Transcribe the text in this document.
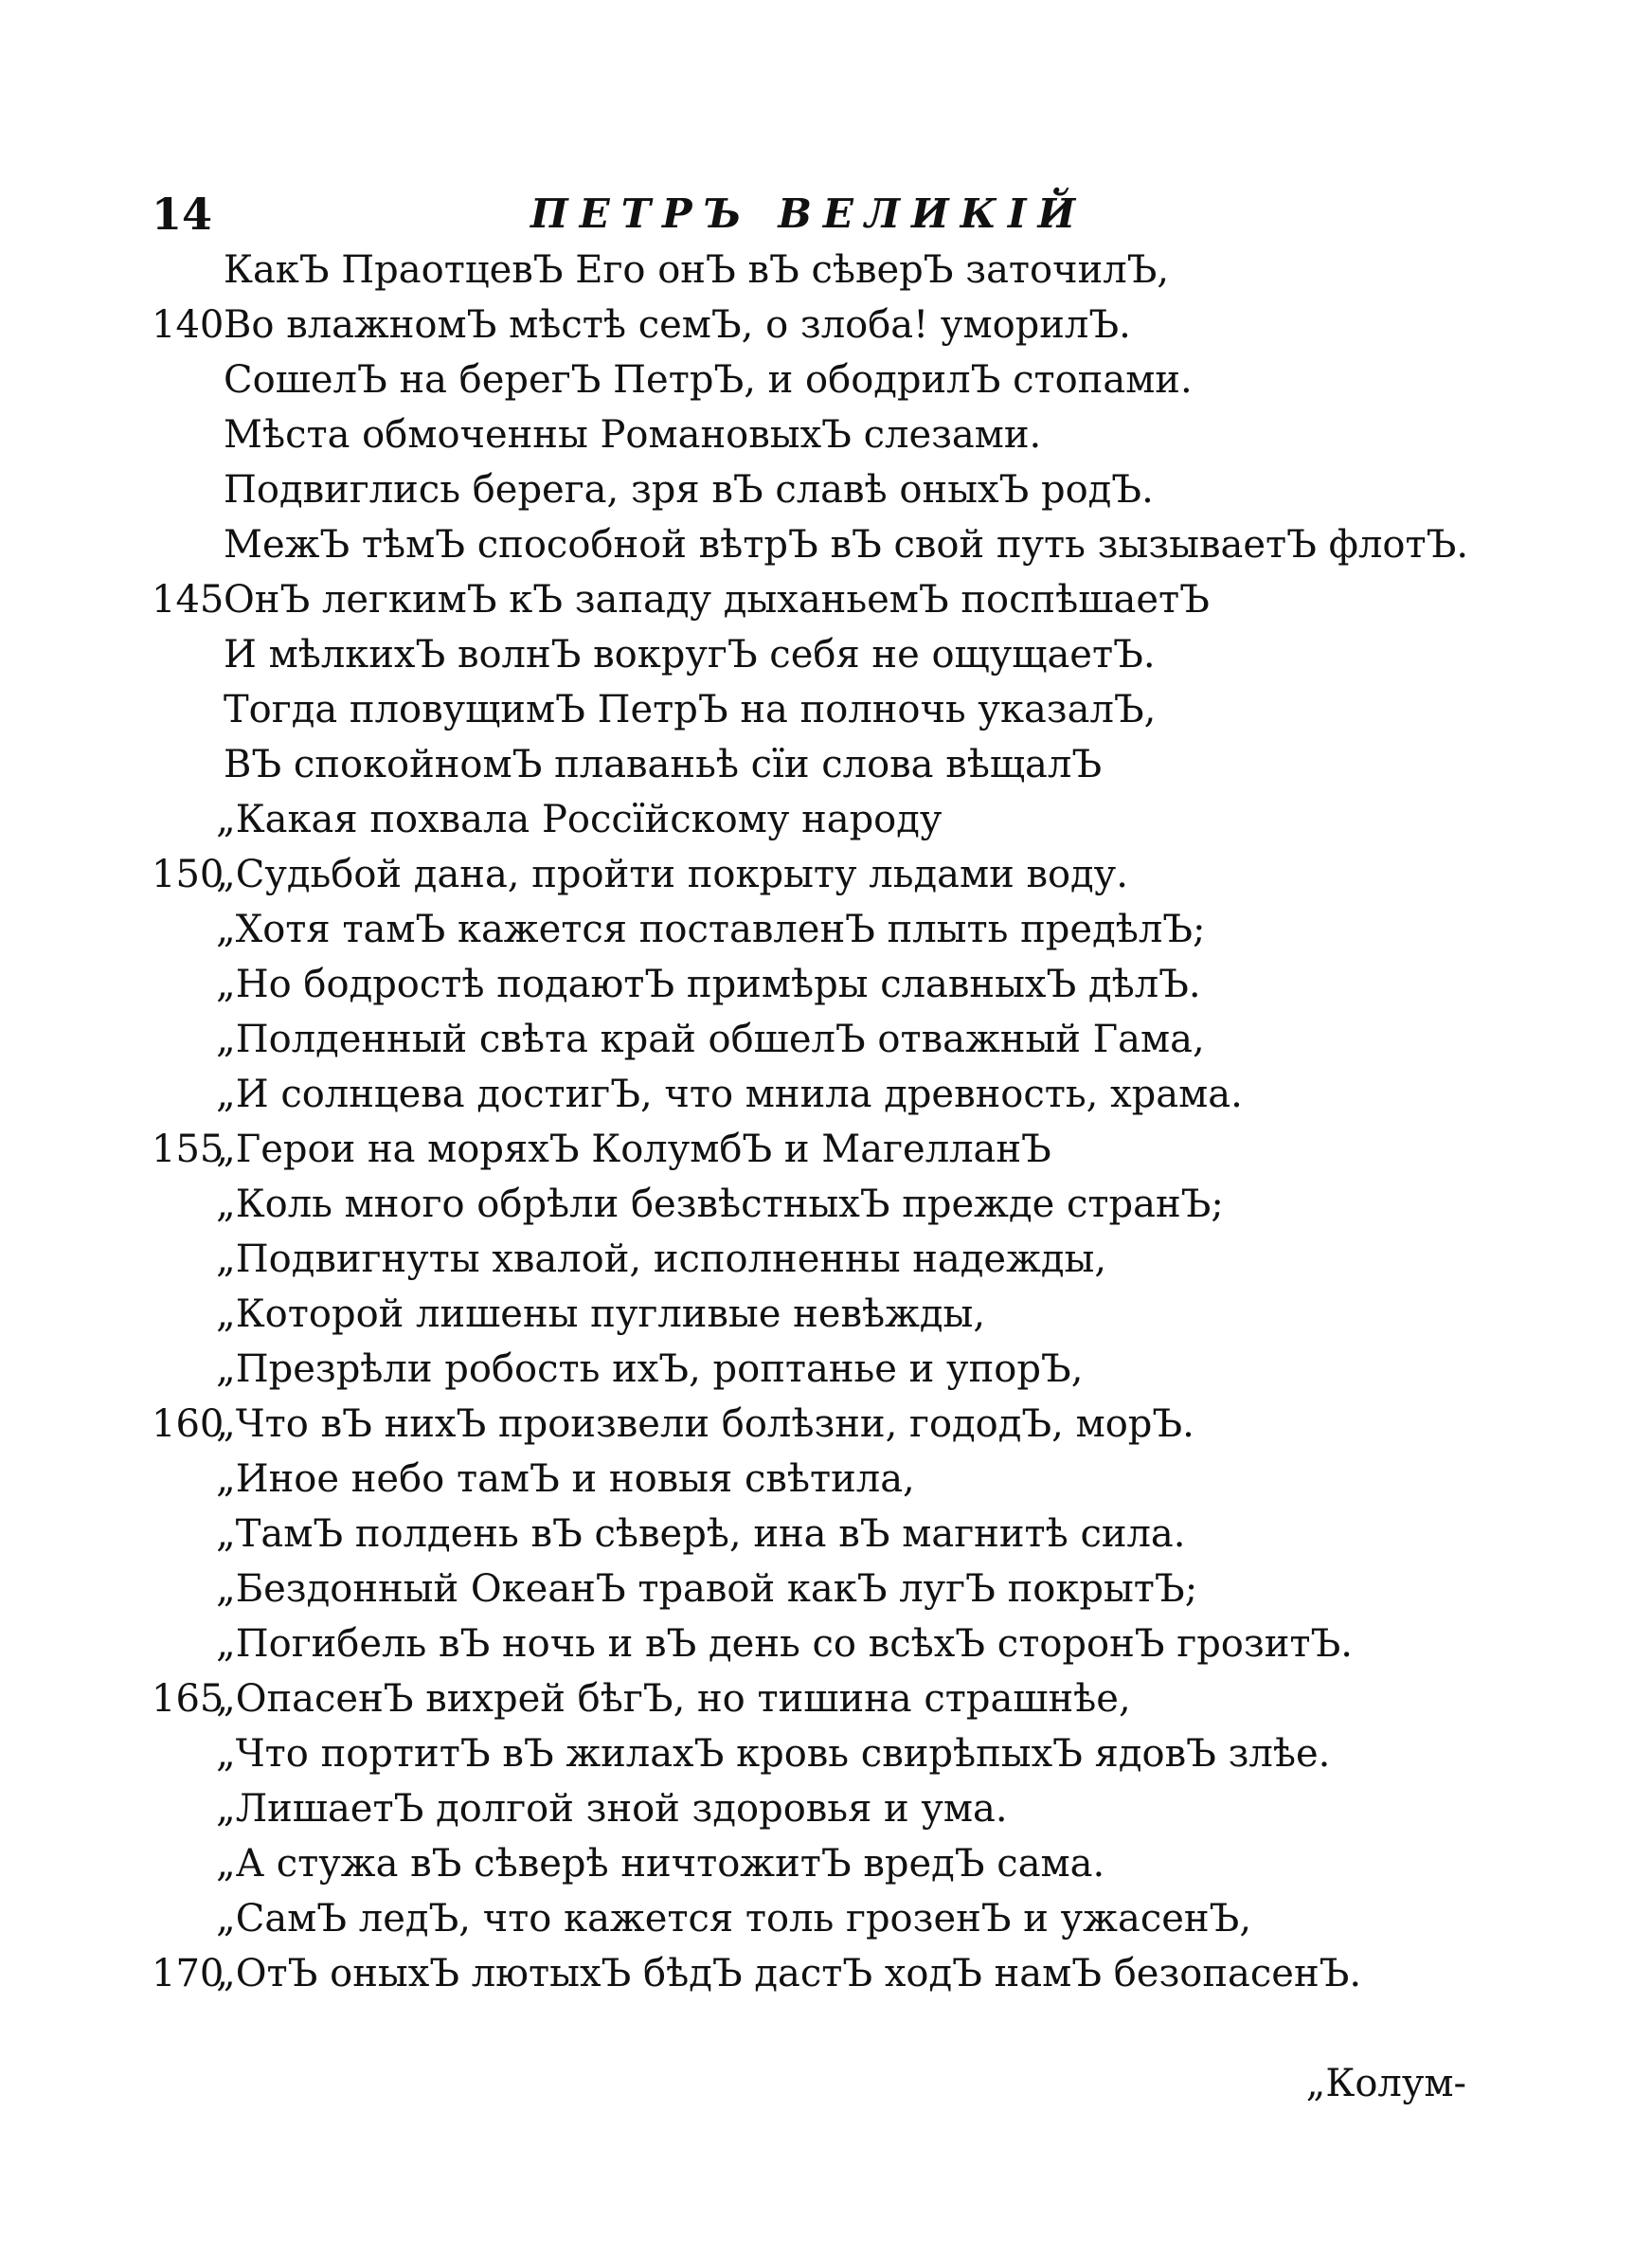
14	ПЕТРЪ ВЕЛИКІЙ
КакЪ ПраотцевЪ Его онЪ вЪ сѣверЪ заточилЪ,
140 Во влажномЪ мѣстѣ семЪ, о злоба! уморилЪ.
СошелЪ на берегЪ ПетрЪ, и ободрилЪ стопами.
Мѣста обмоченны РомановыхЪ слезами.
Подвиглись берега, зря вЪ славѣ оныхЪ родЪ.
МежЪ тѣмЪ способной вѣтрЪ вЪ свой путь зызываетЪ флотЪ.
145 ОнЪ легкимЪ кЪ западу дыханьемЪ поспѣшаетЪ
И мѣлкихЪ волнЪ вокругЪ себя не ощущаетЪ.
Тогда пловущимЪ ПетрЪ на полночь указалЪ,
ВЪ спокойномЪ плаваньѣ сїи слова вѣщалЪ
„Какая похвала Россїйскому народу
150
„Судьбой дана, пройти покрыту льдами воду.
„Хотя тамЪ кажется поставленЪ плыть предѣлЪ;
„Но бодростѣ подаютЪ примѣры славныхЪ дѣлЪ.
„Полденный свѣта край обшелЪ отважный Гама,
„И солнцева достигЪ, что мнила древность, храма.
155
„Герои на моряхЪ КолумбЪ и МагелланЪ
„Коль много обрѣли безвѣстныхЪ прежде странЪ;
„Подвигнуты хвалой, исполненны надежды,
„Которой лишены пугливые невѣжды,
„Презрѣли робость ихЪ, роптанье и упорЪ,
160
„Что вЪ нихЪ произвели болѣзни, гододЪ, морЪ.
„Иное небо тамЪ и новыя свѣтила,
„ТамЪ полдень вЪ сѣверѣ, ина вЪ магнитѣ сила.
„Бездонный ОкеанЪ травой какЪ лугЪ покрытЪ;
„Погибель вЪ ночь и вЪ день со всѣхЪ сторонЪ грозитЪ.
165
„ОпасенЪ вихрей бѣгЪ, но тишина страшнѣе,
„Что портитЪ вЪ жилахЪ кровь свирѣпыхЪ ядовЪ злѣе.
„ЛишаетЪ долгой зной здоровья и ума.
„А стужа вЪ сѣверѣ ничтожитЪ вредЪ сама.
„СамЪ ледЪ, что кажется толь грозенЪ и ужасенЪ,
170
„ОтЪ оныхЪ лютыхЪ бѣдЪ дастЪ ходЪ намЪ безопасенЪ.
„Колум-
